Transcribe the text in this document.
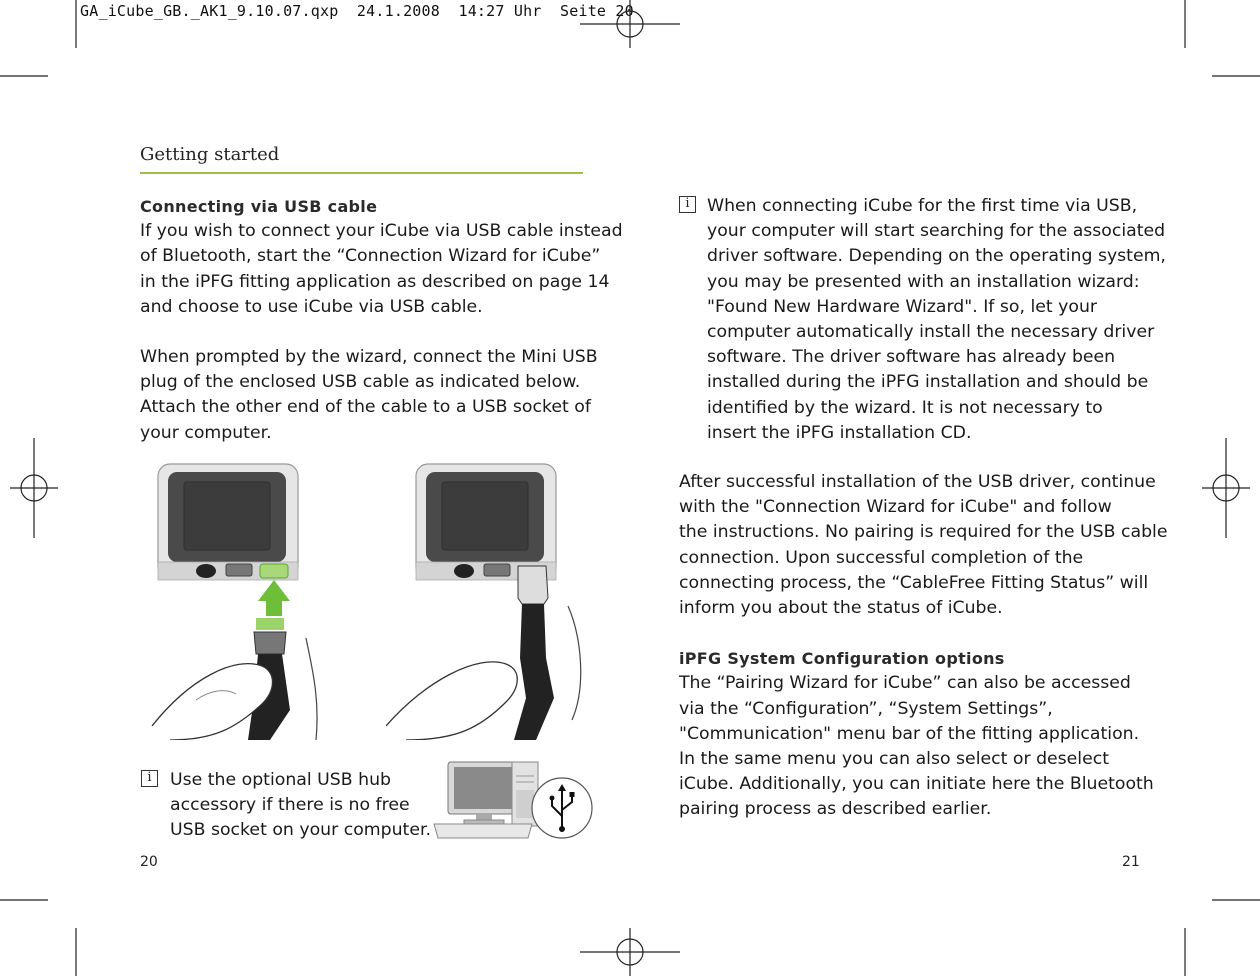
GA_iCube_GB._AK1_9.10.07.qxp  24.1.2008  14:27 Uhr  Seite 20
Getting started
Connecting via USB cable

If you wish to connect your iCube via USB cable instead
of Bluetooth, start the “Connection Wizard for iCube”
in the iPFG fitting application as described on page 14
and choose to use iCube via USB cable.

When prompted by the wizard, connect the Mini USB
plug of the enclosed USB cable as indicated below.
Attach the other end of the cable to a USB socket of
your computer.

i	Use the optional USB hub
accessory if there is no free
USB socket on your computer.
20
i	When connecting iCube for the first time via USB,
your computer will start searching for the associated
driver software. Depending on the operating system,
you may be presented with an installation wizard:
"Found New Hardware Wizard". If so, let your
computer automatically install the necessary driver
software. The driver software has already been
installed during the iPFG installation and should be
identified by the wizard. It is not necessary to
insert the iPFG installation CD.

After successful installation of the USB driver, continue
with the "Connection Wizard for iCube" and follow
the instructions. No pairing is required for the USB cable
connection. Upon successful completion of the
connecting process, the “CableFree Fitting Status” will
inform you about the status of iCube.

iPFG System Configuration options

The “Pairing Wizard for iCube” can also be accessed
via the “Configuration”, “System Settings”,
"Communication" menu bar of the fitting application.
In the same menu you can also select or deselect
iCube. Additionally, you can initiate here the Bluetooth
pairing process as described earlier.

21
